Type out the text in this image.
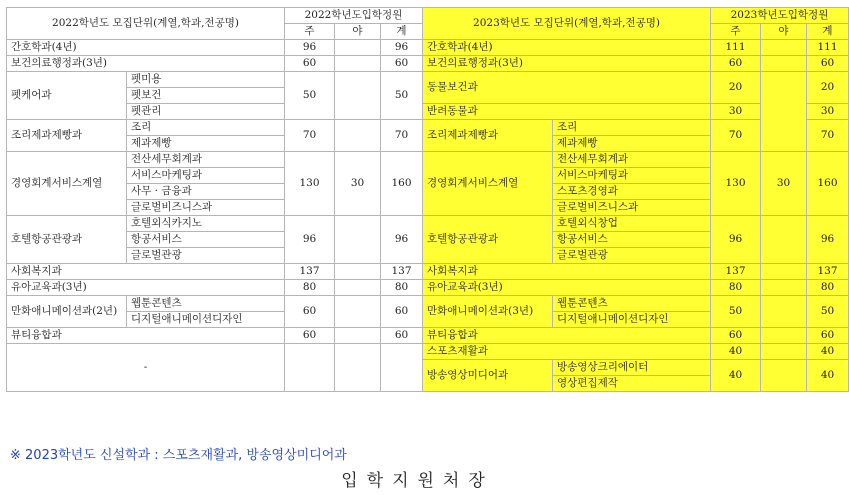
2022학년도 모집단위(계열,학과,전공명)		2022학년도입학정원			2023학년도 모집단위(계열,학과,전공명)		2023학년도입학정원		
		주	야	계			주	야	계
간호학과(4년)		96		96	간호학과(4년)		111		111
보건의료행정과(3년)		60		60	보건의료행정과(3년)		60		60
펫케어과	펫미용	50		50	동물보건과		20		20

	펫보건								
	펫관리				반려동물과		30		30
조리제과제빵과	조리	70		70	조리제과제빵과	조리	70		70
	제과제빵					제과제빵			
경영회계서비스계열	전산세무회계과	130	30	160	경영회계서비스계열	전산세무회계과	130	30	160
	서비스마케팅과					서비스마케팅과			
	사무 · 금융과					스포츠경영과			
	글로벌비즈니스과					글로벌비즈니스과			
호텔항공관광과	호텔외식카지노	96		96	호텔항공관광과	호텔외식창업	96		96
	항공서비스					항공서비스			
	글로벌관광					글로벌관광			
사회복지과		137		137	사회복지과		137		137
유아교육과(3년)		80		80	유아교육과(3년)		80		80
만화애니메이션과(2년)	웹툰콘텐츠	60		60	만화애니메이션과(3년)	웹툰콘텐츠	50		50
	디지털애니메이션디자인					디지털애니메이션디자인			
뷰티융합과		60		60	뷰티융합과		60		60
-					스포츠재활과		40		40
					방송영상미디어과	방송영상크리에이터	40		40
						영상편집제작			
※ 2023학년도 신설학과 : 스포츠재활과, 방송영상미디어과
입학지원처장
